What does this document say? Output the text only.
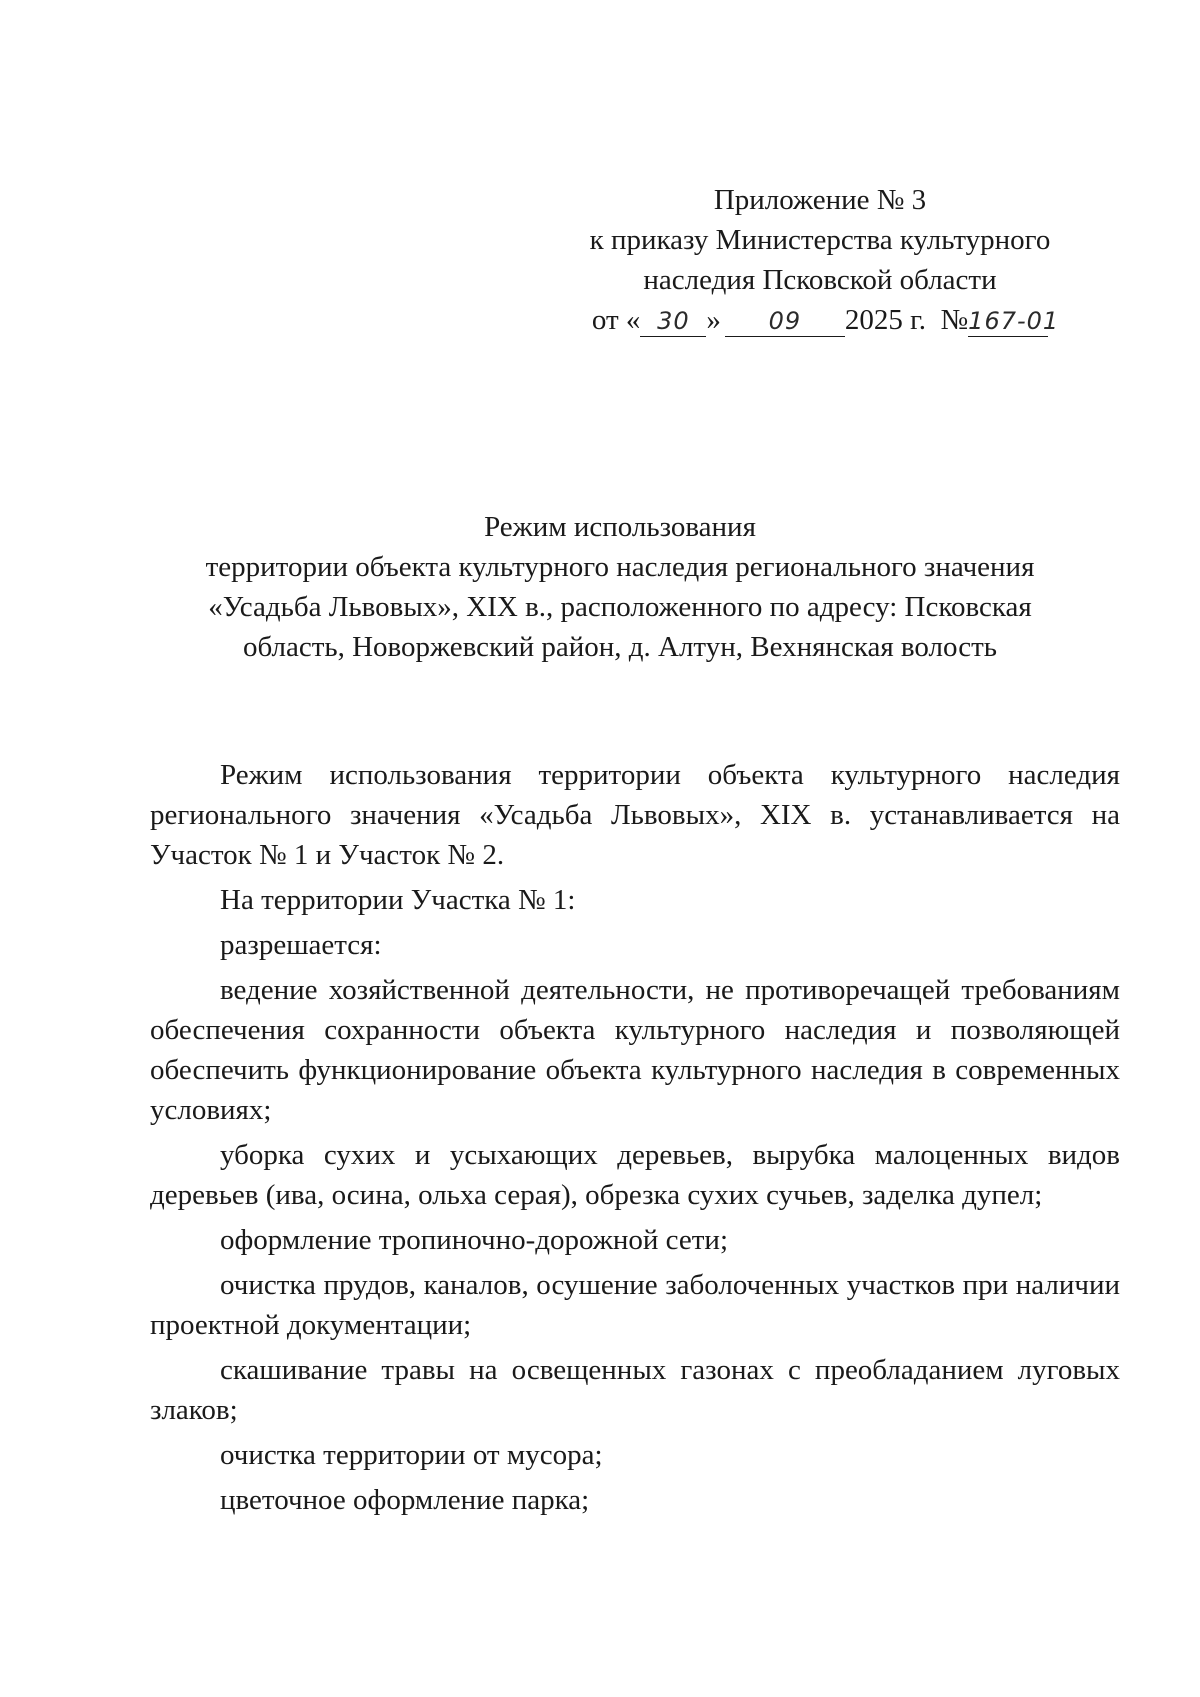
Приложение № 3
к приказу Министерства культурного
наследия Псковской области
от « 30 » 09 2025 г. №167-01
Режим использования
территории объекта культурного наследия регионального значения
«Усадьба Львовых», XIX в., расположенного по адресу: Псковская
область, Новоржевский район, д. Алтун, Вехнянская волость

Режим использования территории объекта культурного наследия регионального значения «Усадьба Львовых», XIX в. устанавливается на Участок № 1 и Участок № 2.

На территории Участка № 1:

разрешается:

ведение хозяйственной деятельности, не противоречащей требованиям обеспечения сохранности объекта культурного наследия и позволяющей обеспечить функционирование объекта культурного наследия в современных условиях;

уборка сухих и усыхающих деревьев, вырубка малоценных видов деревьев (ива, осина, ольха серая), обрезка сухих сучьев, заделка дупел;

оформление тропиночно-дорожной сети;

очистка прудов, каналов, осушение заболоченных участков при наличии проектной документации;

скашивание травы на освещенных газонах с преобладанием луговых злаков;

очистка территории от мусора;

цветочное оформление парка;
